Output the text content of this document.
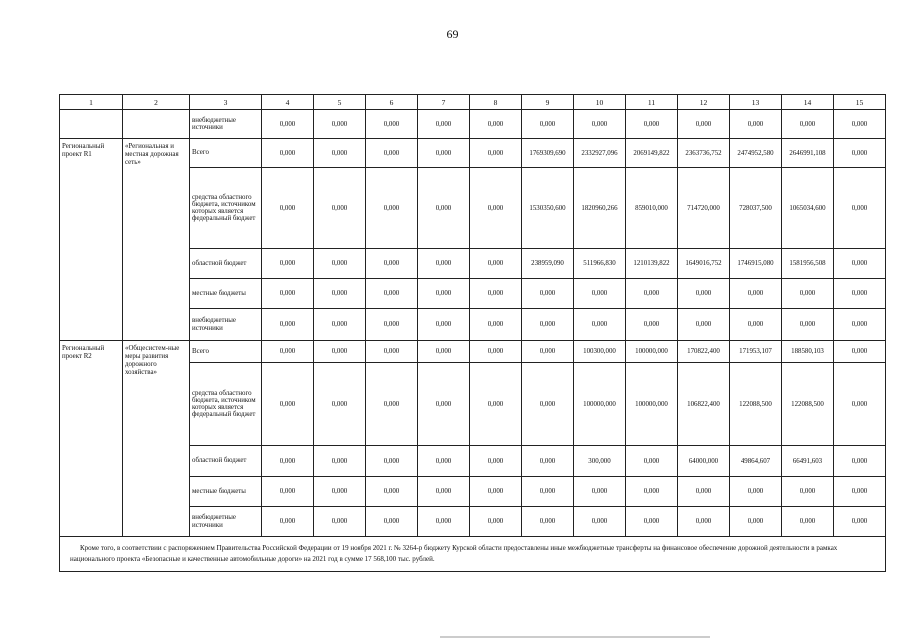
69
1	2	3	4	5	6	7	8	9	10	11	12	13	14	15
		внебюджетные источники	0,000	0,000	0,000	0,000	0,000	0,000	0,000	0,000	0,000	0,000	0,000	0,000
Региональный проект R1	«Региональная и местная дорожная сеть»	Всего	0,000	0,000	0,000	0,000	0,000	1769309,690	2332927,096	2069149,822	2363736,752	2474952,580	2646991,108	0,000
		средства областного бюджета, источником которых является федеральный бюджет	0,000	0,000	0,000	0,000	0,000	1530350,600	1820960,266	859010,000	714720,000	728037,500	1065034,600	0,000
		областной бюджет	0,000	0,000	0,000	0,000	0,000	238959,090	511966,830	1210139,822	1649016,752	1746915,080	1581956,508	0,000
		местные бюджеты	0,000	0,000	0,000	0,000	0,000	0,000	0,000	0,000	0,000	0,000	0,000	0,000
		внебюджетные источники	0,000	0,000	0,000	0,000	0,000	0,000	0,000	0,000	0,000	0,000	0,000	0,000
Региональный проект R2	«Общесистем-ные меры развития дорожного хозяйства»	Всего	0,000	0,000	0,000	0,000	0,000	0,000	100300,000	100000,000	170822,400	171953,107	188580,103	0,000
		средства областного бюджета, источником которых является федеральный бюджет	0,000	0,000	0,000	0,000	0,000	0,000	100000,000	100000,000	106822,400	122088,500	122088,500	0,000
		областной бюджет	0,000	0,000	0,000	0,000	0,000	0,000	300,000	0,000	64000,000	49864,607	66491,603	0,000
		местные бюджеты	0,000	0,000	0,000	0,000	0,000	0,000	0,000	0,000	0,000	0,000	0,000	0,000
		внебюджетные источники	0,000	0,000	0,000	0,000	0,000	0,000	0,000	0,000	0,000	0,000	0,000	0,000
Кроме того, в соответствии с распоряжением Правительства Российской Федерации от 19 ноября 2021 г. № 3264-р бюджету Курской области предоставлены иные межбюджетные трансферты на финансовое обеспечение дорожной деятельности в рамках национального проекта «Безопасные и качественные автомобильные дороги» на 2021 год в сумме 17 568,100 тыс. рублей.														
